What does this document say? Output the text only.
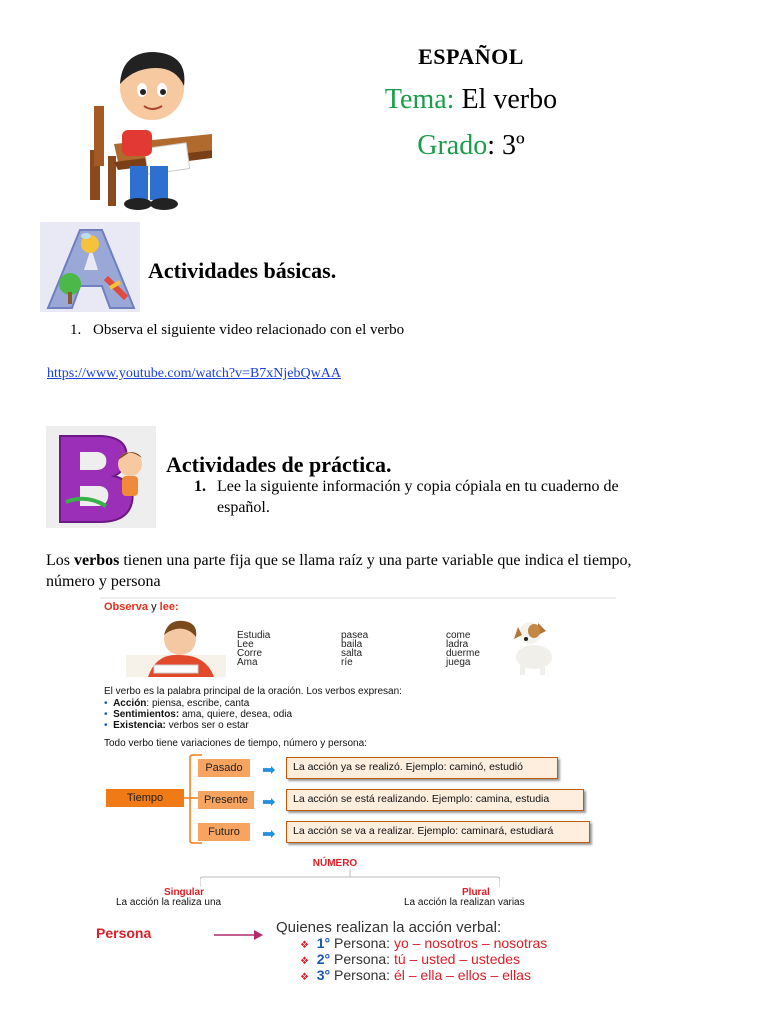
ESPAÑOL
Tema: El verbo
Grado: 3º
Actividades básicas.
1. Observa el siguiente video relacionado con el verbo
https://www.youtube.com/watch?v=B7xNjebQwAA
Actividades de práctica.
1. Lee la siguiente información y copia cópiala en tu cuaderno de
español.
Los verbos tienen una parte fija que se llama raíz y una parte variable que indica el tiempo,
número y persona
Observa y lee:
Estudia
Lee
Corre
Ama
pasea
baila
salta
ríe
come
ladra
duerme
juega
El verbo es la palabra principal de la oración. Los verbos expresan:
• Acción: piensa, escribe, canta
• Sentimientos: ama, quiere, desea, odia
• Existencia: verbos ser o estar
Todo verbo tiene variaciones de tiempo, número y persona:
Tiempo
Pasado
Presente
Futuro
➡
➡
➡
La acción ya se realizó. Ejemplo: caminó, estudió
La acción se está realizando. Ejemplo: camina, estudia
La acción se va a realizar. Ejemplo: caminará, estudiará
NÚMERO
Singular
La acción la realiza una
Plural
La acción la realizan varias
Persona	Quienes realizan la acción verbal:
❖ 1° Persona: yo – nosotros – nosotras
❖ 2° Persona: tú – usted – ustedes
❖ 3° Persona: él – ella – ellos – ellas
